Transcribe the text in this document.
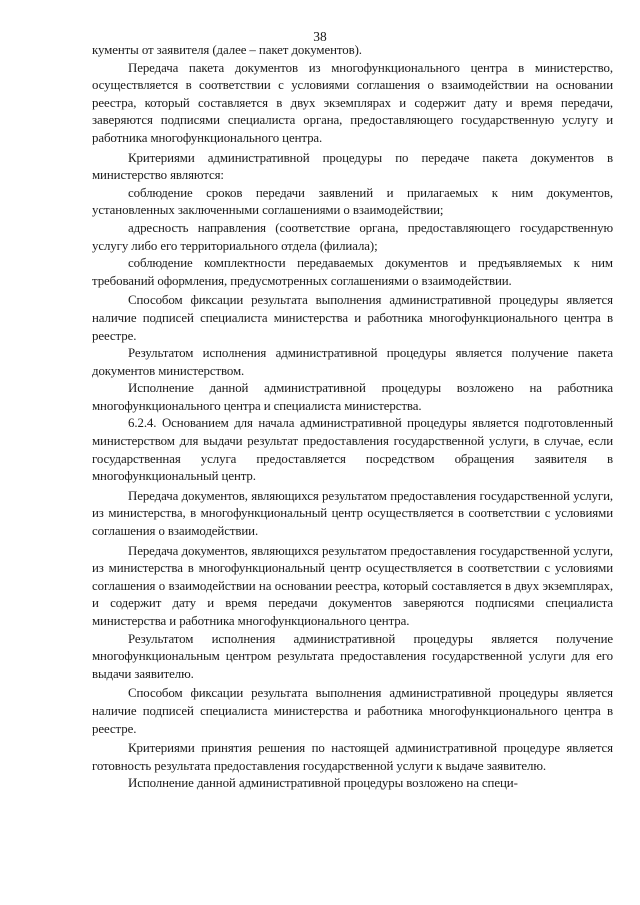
38

кументы от заявителя (далее – пакет документов).

Передача пакета документов из многофункционального центра в министерство, осуществляется в соответствии с условиями соглашения о взаимодействии на основании реестра, который составляется в двух экземплярах и содержит дату и время передачи, заверяются подписями специалиста органа, предоставляющего государственную услугу и работника многофункционального центра.

Критериями административной процедуры по передаче пакета документов в министерство являются:

соблюдение сроков передачи заявлений и прилагаемых к ним документов, установленных заключенными соглашениями о взаимодействии;

адресность направления (соответствие органа, предоставляющего государственную услугу либо его территориального отдела (филиала);

соблюдение комплектности передаваемых документов и предъявляемых к ним требований оформления, предусмотренных соглашениями о взаимодействии.

Способом фиксации результата выполнения административной процедуры является наличие подписей специалиста министерства и работника многофункционального центра в реестре.

Результатом исполнения административной процедуры является получение пакета документов министерством.

Исполнение данной административной процедуры возложено на работника многофункционального центра и специалиста министерства.

6.2.4. Основанием для начала административной процедуры является подготовленный министерством для выдачи результат предоставления государственной услуги, в случае, если государственная услуга предоставляется посредством обращения заявителя в многофункциональный центр.

Передача документов, являющихся результатом предоставления государственной услуги, из министерства, в многофункциональный центр осуществляется в соответствии с условиями соглашения о взаимодействии.

Передача документов, являющихся результатом предоставления государственной услуги, из министерства в многофункциональный центр осуществляется в соответствии с условиями соглашения о взаимодействии на основании реестра, который составляется в двух экземплярах, и содержит дату и время передачи документов заверяются подписями специалиста министерства и работника многофункционального центра.

Результатом исполнения административной процедуры является получение многофункциональным центром результата предоставления государственной услуги для его выдачи заявителю.

Способом фиксации результата выполнения административной процедуры является наличие подписей специалиста министерства и работника многофункционального центра в реестре.

Критериями принятия решения по настоящей административной процедуре является готовность результата предоставления государственной услуги к выдаче заявителю.

Исполнение данной административной процедуры возложено на специ-
